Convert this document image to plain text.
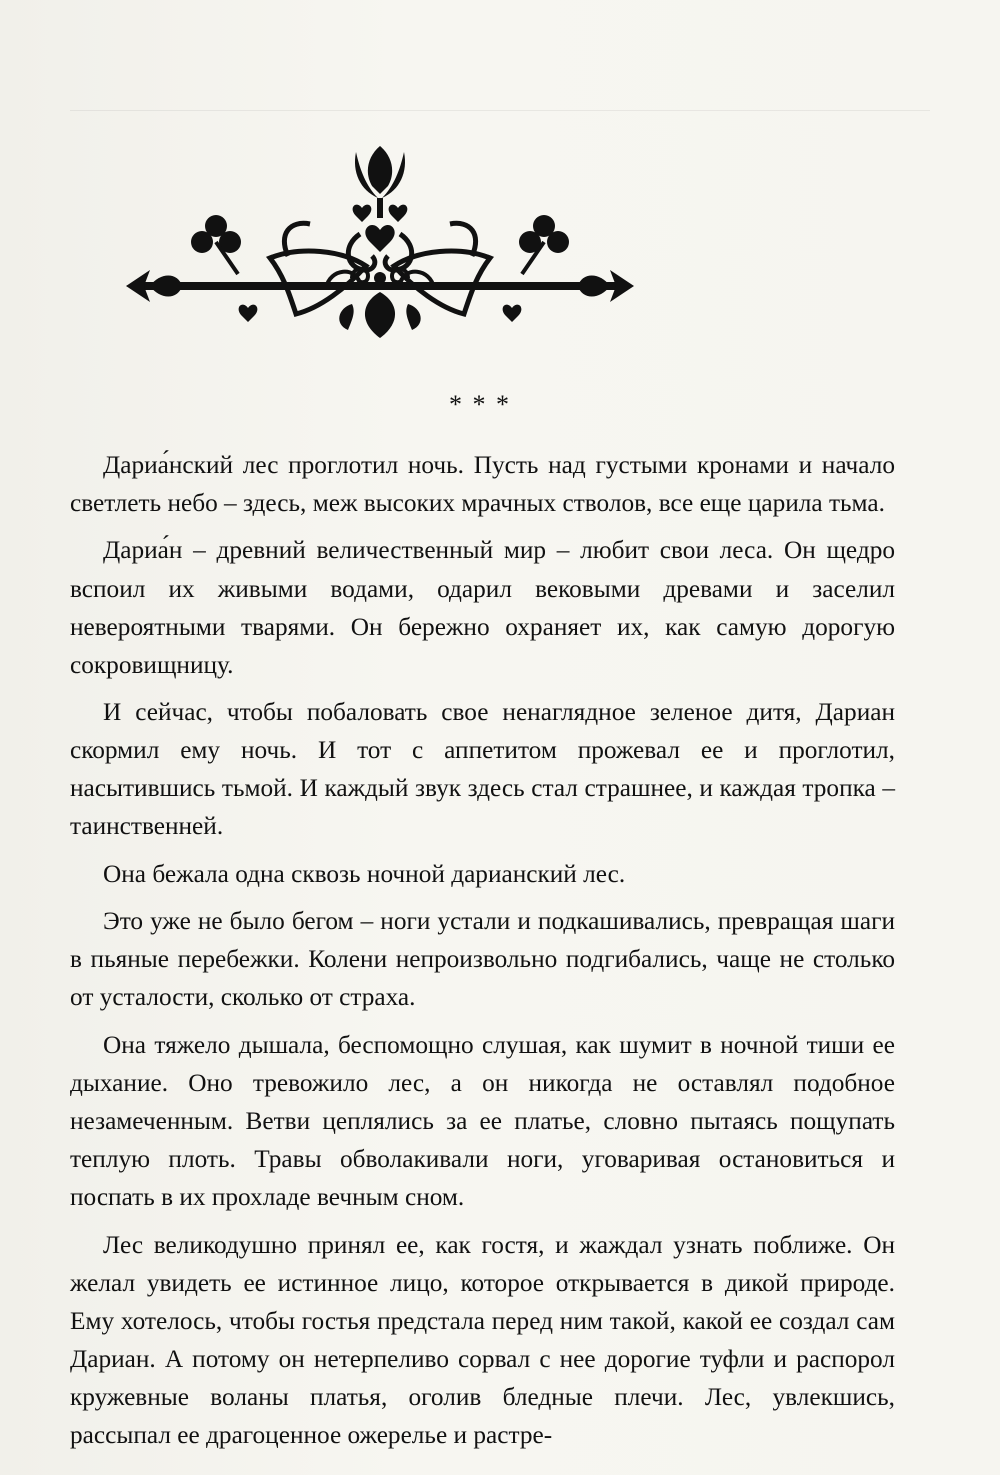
* * *

Дариа́нский лес проглотил ночь. Пусть над густыми кронами и начало светлеть небо – здесь, меж высоких мрачных стволов, все еще царила тьма.

Дариа́н – древний величественный мир – любит свои леса. Он щедро вспоил их живыми водами, одарил вековыми древами и заселил невероятными тварями. Он бережно охраняет их, как самую дорогую сокровищницу.

И сейчас, чтобы побаловать свое ненаглядное зеленое дитя, Дариан скормил ему ночь. И тот с аппетитом прожевал ее и проглотил, насытившись тьмой. И каждый звук здесь стал страшнее, и каждая тропка – таинственней.

Она бежала одна сквозь ночной дарианский лес.

Это уже не было бегом – ноги устали и подкашивались, превращая шаги в пьяные перебежки. Колени непроизвольно подгибались, чаще не столько от усталости, сколько от страха.

Она тяжело дышала, беспомощно слушая, как шумит в ночной тиши ее дыхание. Оно тревожило лес, а он никогда не оставлял подобное незамеченным. Ветви цеплялись за ее платье, словно пытаясь пощупать теплую плоть. Травы обволакивали ноги, уговаривая остановиться и поспать в их прохладе вечным сном.

Лес великодушно принял ее, как гостя, и жаждал узнать поближе. Он желал увидеть ее истинное лицо, которое открывается в дикой природе. Ему хотелось, чтобы гостья предстала перед ним такой, какой ее создал сам Дариан. А потому он нетерпеливо сорвал с нее дорогие туфли и распорол кружевные воланы платья, оголив бледные плечи. Лес, увлекшись, рассыпал ее драгоценное ожерелье и растре-
